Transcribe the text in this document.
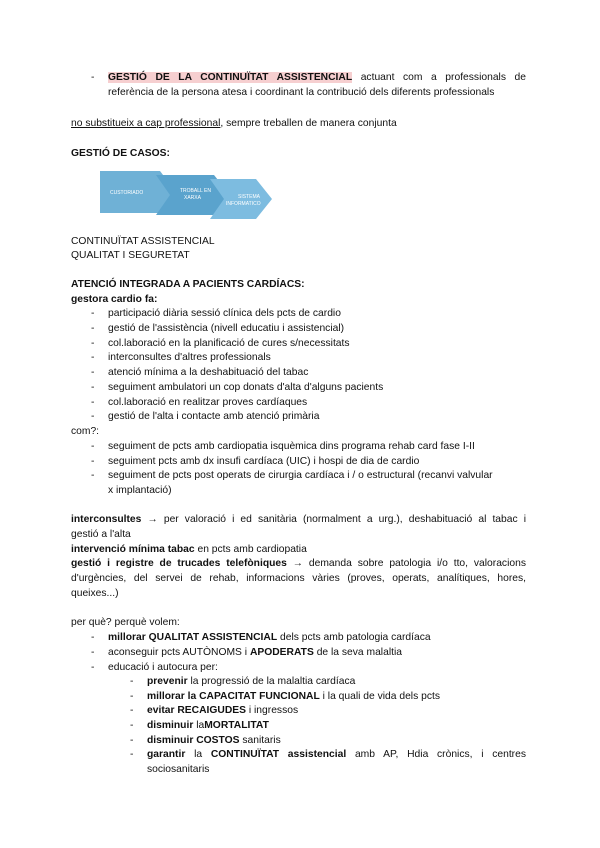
- GESTIÓ DE LA CONTINUÏTAT ASSISTENCIAL actuant com a professionals de
referència de la persona atesa i coordinant la contribució dels diferents professionals
no substitueix a cap professional, sempre treballen de manera conjunta
GESTIÓ DE CASOS:
CUSTORIADO	TROBALL EN
XARXA	SISTEMA
INFORMATICO
CONTINUÏTAT ASSISTENCIAL
QUALITAT I SEGURETAT
ATENCIÓ INTEGRADA A PACIENTS CARDÍACS:
gestora cardio fa:
- participació diària sessió clínica dels pcts de cardio
- gestió de l'assistència (nivell educatiu i assistencial)
- col.laboració en la planificació de cures s/necessitats
- interconsultes d'altres professionals
- atenció mínima a la deshabituació del tabac
- seguiment ambulatori un cop donats d'alta d'alguns pacients
- col.laboració en realitzar proves cardíaques
- gestió de l'alta i contacte amb atenció primària
com?:
- seguiment de pcts amb cardiopatia isquèmica dins programa rehab card fase I-II
- seguiment pcts amb dx insufi cardíaca (UIC) i hospi de dia de cardio
- seguiment de pcts post operats de cirurgia cardíaca i / o estructural (recanvi valvular
x implantació)
interconsultes → per valoració i ed sanitària (normalment a urg.), deshabituació al tabac i
gestió a l'alta
intervenció mínima tabac en pcts amb cardiopatia
gestió i registre de trucades telefòniques → demanda sobre patologia i/o tto, valoracions
d'urgències, del servei de rehab, informacions vàries (proves, operats, analítiques, hores,
queixes...)
per què? perquè volem:
- millorar QUALITAT ASSISTENCIAL dels pcts amb patologia cardíaca
- aconseguir pcts AUTÒNOMS i APODERATS de la seva malaltia
- educació i autocura per:
- prevenir la progressió de la malaltia cardíaca
- millorar la CAPACITAT FUNCIONAL i la quali de vida dels pcts
- evitar RECAIGUDES i ingressos
- disminuir laMORTALITAT
- disminuir COSTOS sanitaris
- garantir la CONTINUÏTAT assistencial amb AP, Hdia crònics, i centres
sociosanitaris
